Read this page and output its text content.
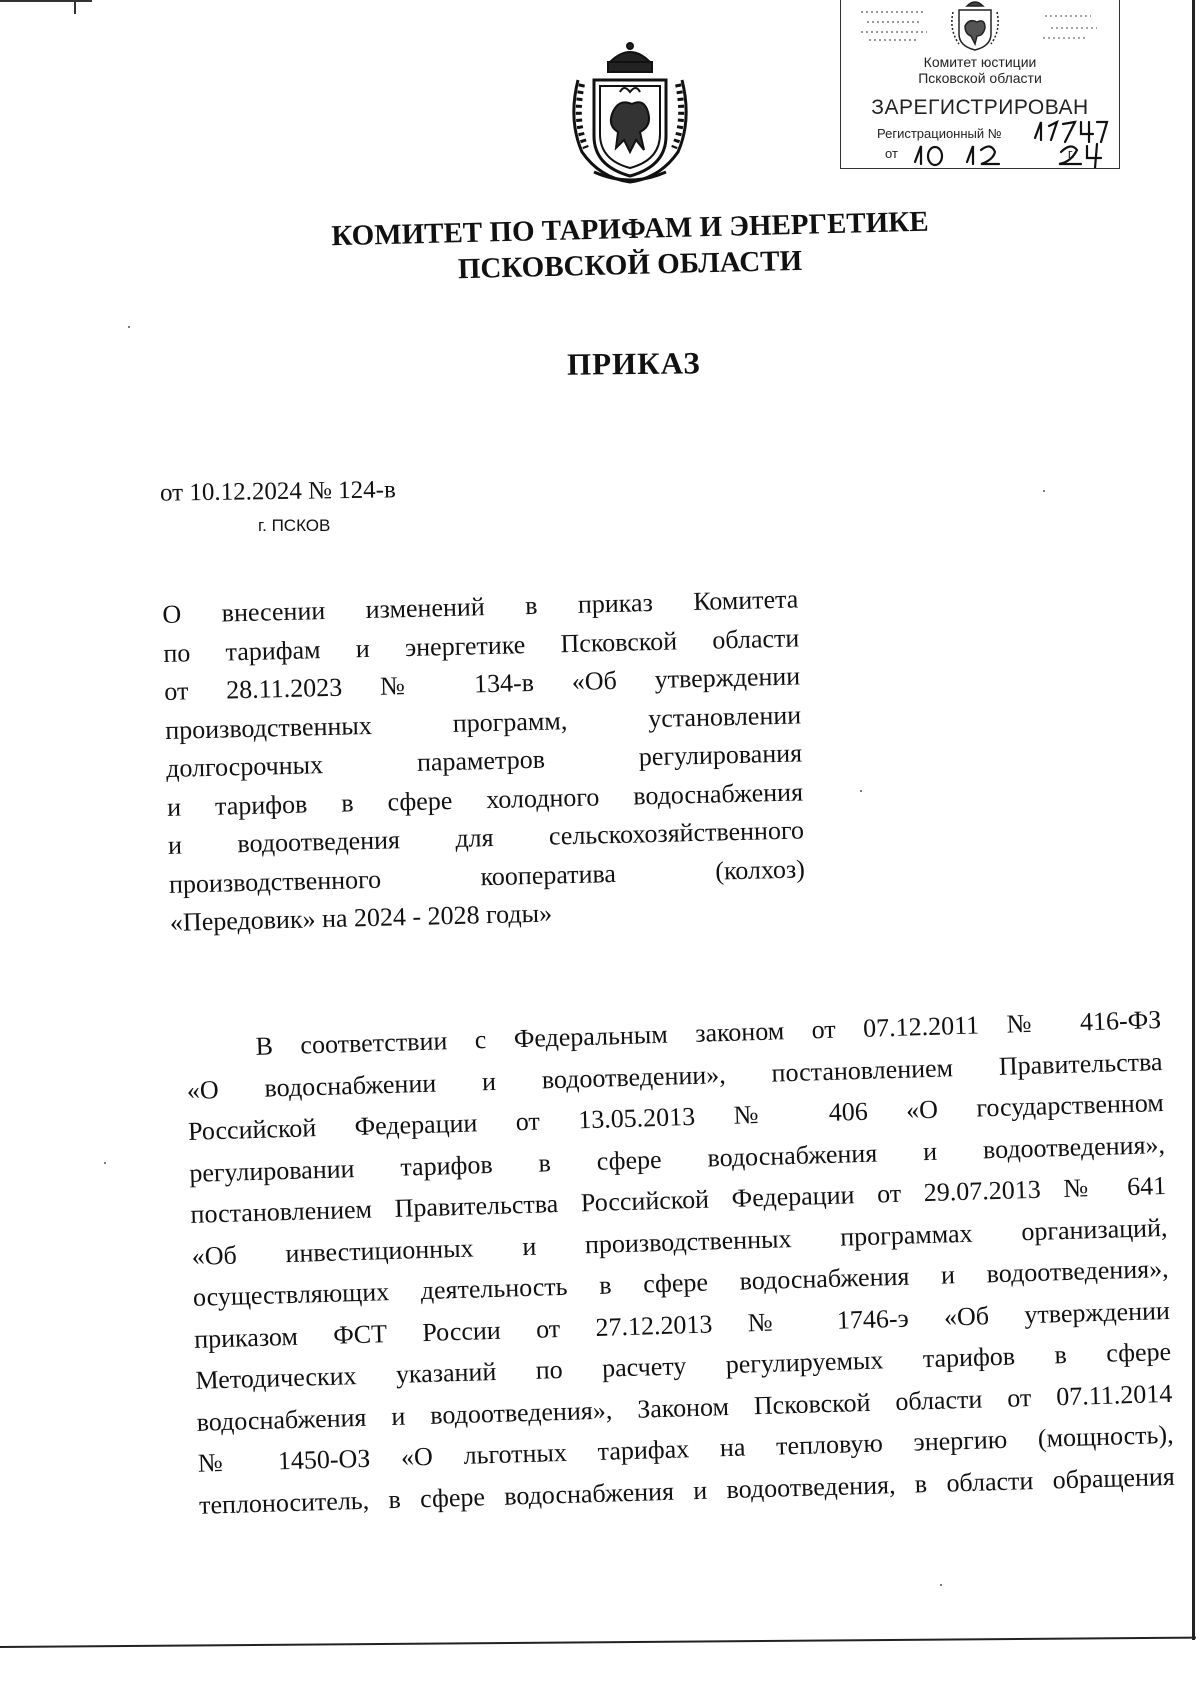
Комитет юстиции
Псковской области
ЗАРЕГИСТРИРОВАН
Регистрационный №
от	г.
КОМИТЕТ ПО ТАРИФАМ И ЭНЕРГЕТИКЕ
ПСКОВСКОЙ ОБЛАСТИ
ПРИКАЗ
от 10.12.2024 № 124-в
г. ПСКОВ
О внесении изменений в приказ Комитета
по тарифам и энергетике Псковской области
от 28.11.2023 № 134-в «Об утверждении
производственных программ, установлении
долгосрочных параметров регулирования
и тарифов в сфере холодного водоснабжения
и водоотведения для сельскохозяйственного
производственного кооператива (колхоз)
«Передовик» на 2024 - 2028 годы»
В соответствии с Федеральным законом от 07.12.2011 № 416-ФЗ
«О водоснабжении и водоотведении», постановлением Правительства
Российской Федерации от 13.05.2013 № 406 «О государственном
регулировании тарифов в сфере водоснабжения и водоотведения»,
постановлением Правительства Российской Федерации от 29.07.2013 № 641
«Об инвестиционных и производственных программах организаций,
осуществляющих деятельность в сфере водоснабжения и водоотведения»,
приказом ФСТ России от 27.12.2013 № 1746-э «Об утверждении
Методических указаний по расчету регулируемых тарифов в сфере
водоснабжения и водоотведения», Законом Псковской области от 07.11.2014
№ 1450-ОЗ «О льготных тарифах на тепловую энергию (мощность),
теплоноситель, в сфере водоснабжения и водоотведения, в области обращения
